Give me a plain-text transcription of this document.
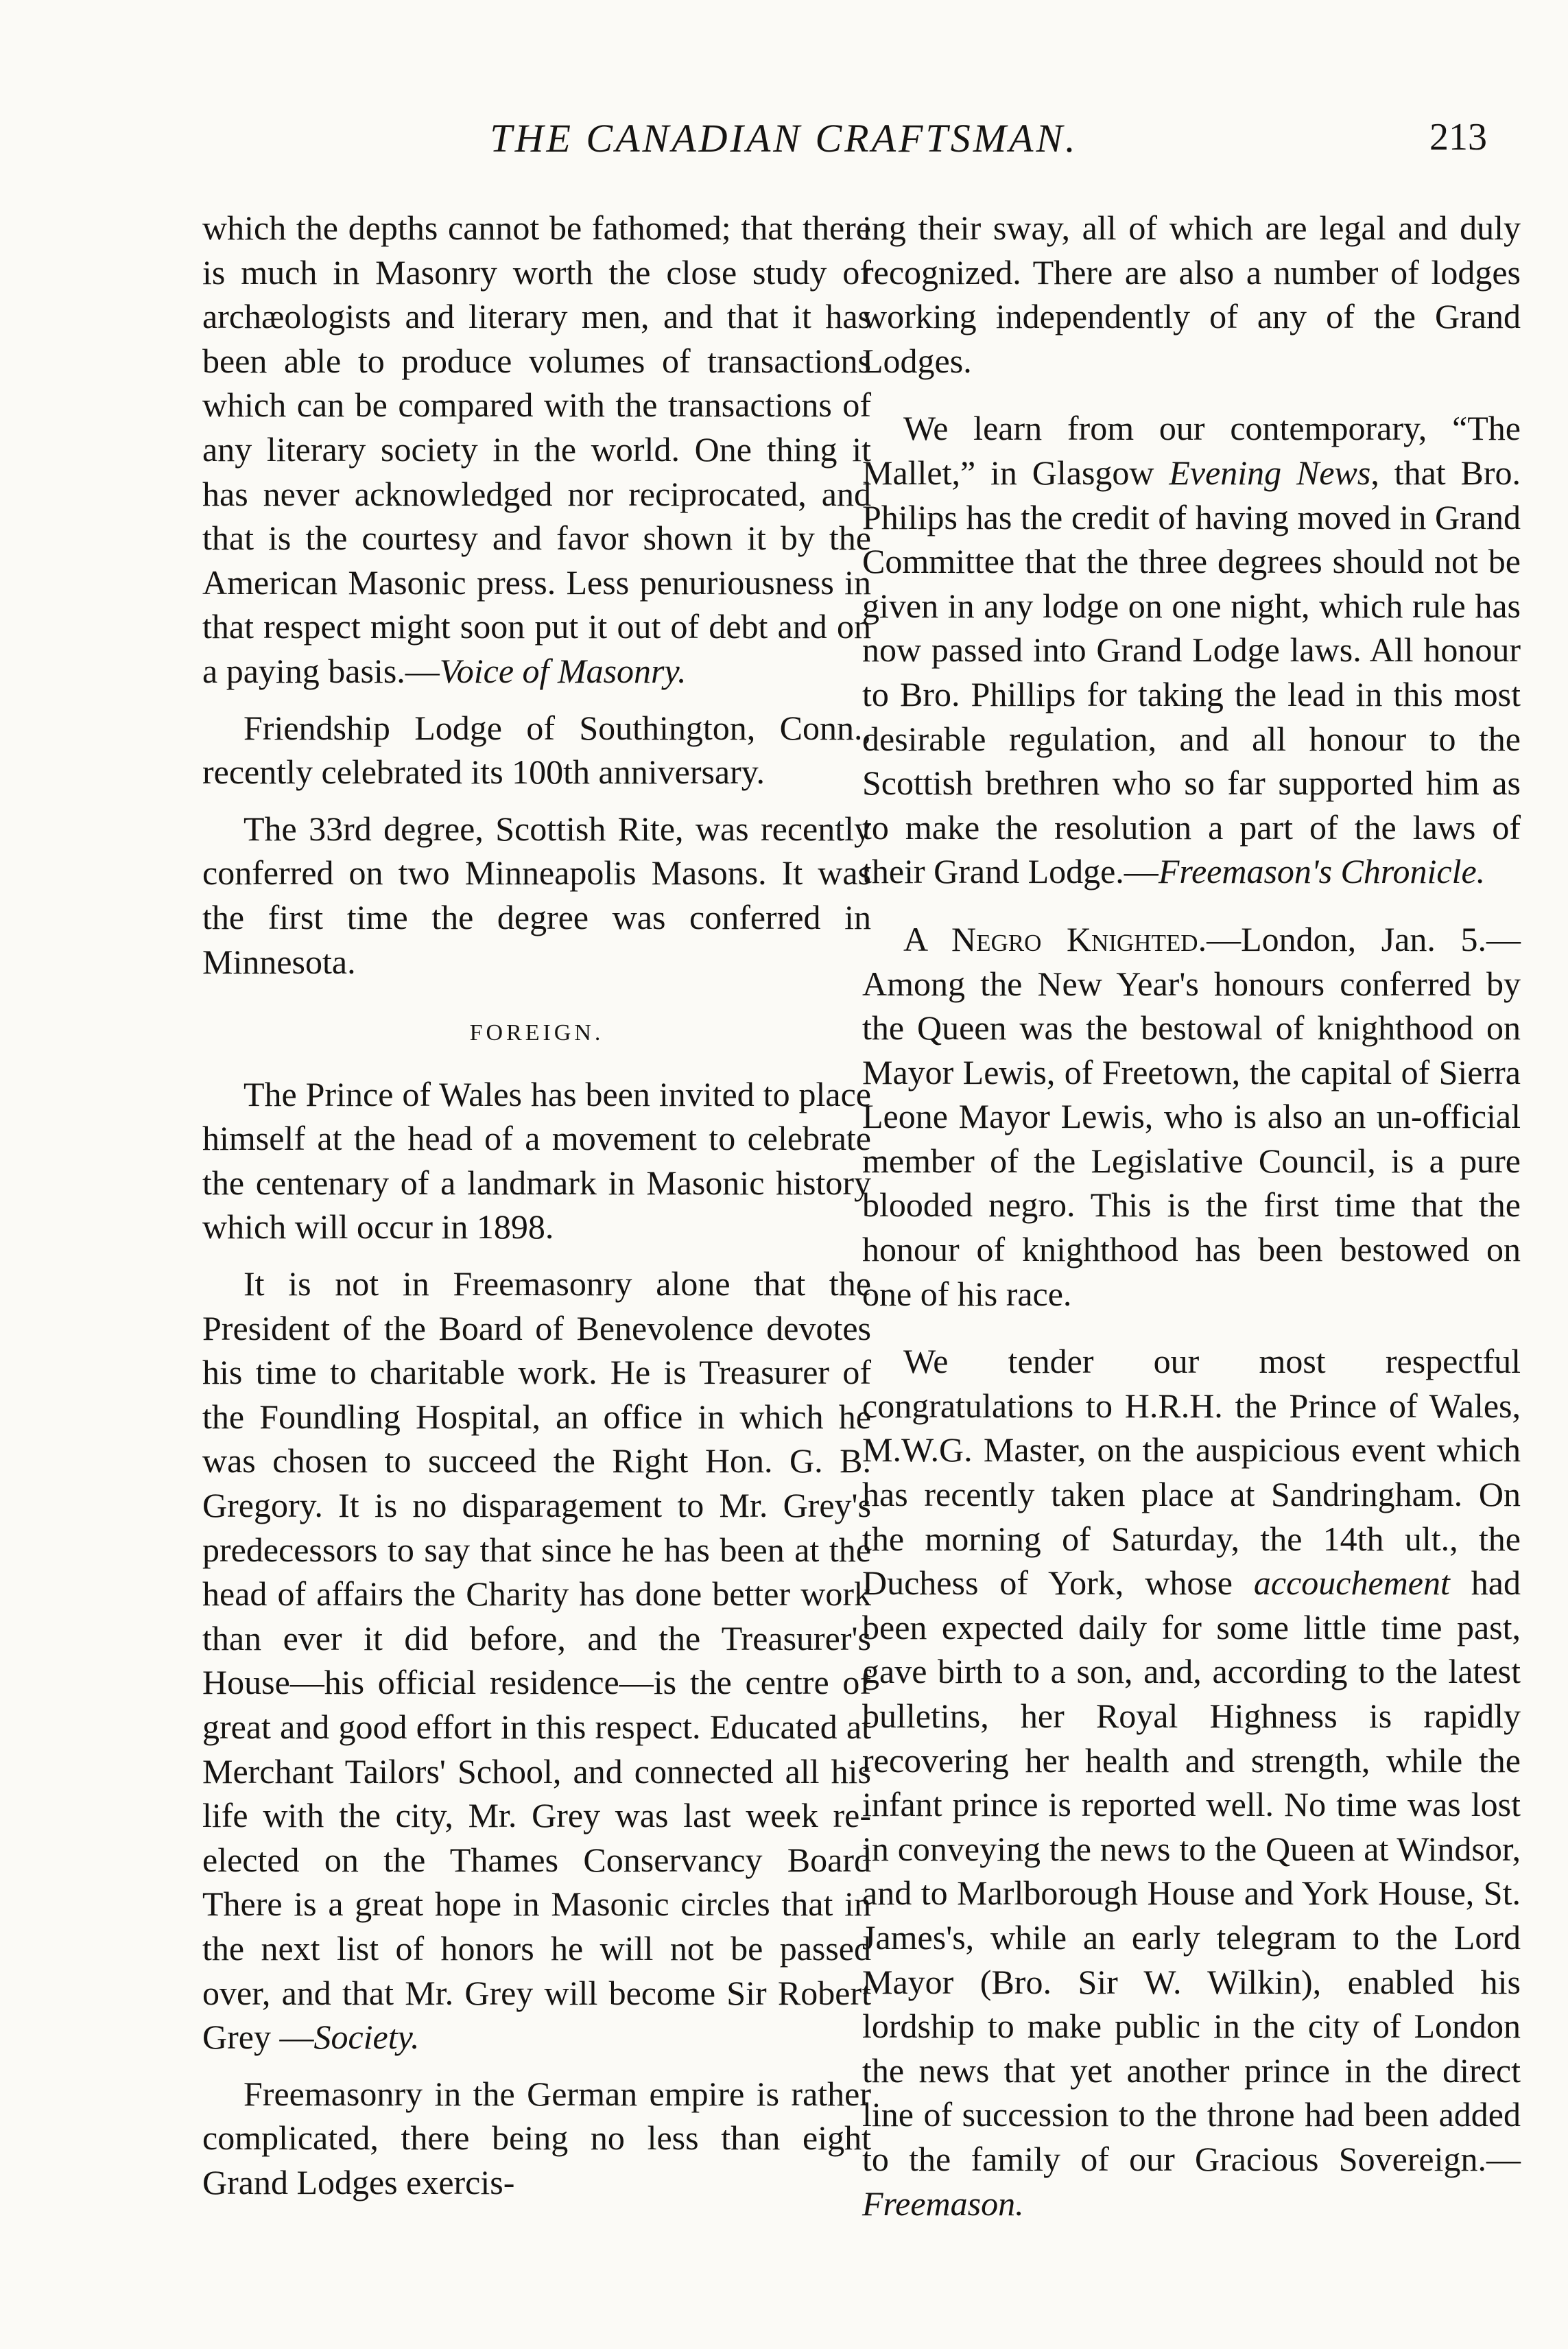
THE CANADIAN CRAFTSMAN.	213

which the depths cannot be fathomed; that there is much in Masonry worth the close study of archæologists and literary men, and that it has been able to produce volumes of transactions which can be compared with the transactions of any literary society in the world. One thing it has never acknowledged nor reciprocated, and that is the courtesy and favor shown it by the American Masonic press. Less penuriousness in that respect might soon put it out of debt and on a paying basis.—Voice of Masonry.

Friendship Lodge of Southington, Conn., recently celebrated its 100th anniversary.

The 33rd degree, Scottish Rite, was recently conferred on two Minneapolis Masons. It was the first time the degree was conferred in Minnesota.

FOREIGN.

The Prince of Wales has been invited to place himself at the head of a movement to celebrate the centenary of a landmark in Masonic history which will occur in 1898.

It is not in Freemasonry alone that the President of the Board of Benevolence devotes his time to charitable work. He is Treasurer of the Foundling Hospital, an office in which he was chosen to succeed the Right Hon. G. B. Gregory. It is no disparagement to Mr. Grey's predecessors to say that since he has been at the head of affairs the Charity has done better work than ever it did before, and the Treasurer's House—his official residence—is the centre of great and good effort in this respect. Educated at Merchant Tailors' School, and connected all his life with the city, Mr. Grey was last week re-elected on the Thames Conservancy Board There is a great hope in Masonic circles that in the next list of honors he will not be passed over, and that Mr. Grey will become Sir Robert Grey —Society.

Freemasonry in the German empire is rather complicated, there being no less than eight Grand Lodges exercis-

ing their sway, all of which are legal and duly recognized. There are also a number of lodges working independently of any of the Grand Lodges.

We learn from our contemporary, “The Mallet,” in Glasgow Evening News, that Bro. Philips has the credit of having moved in Grand Committee that the three degrees should not be given in any lodge on one night, which rule has now passed into Grand Lodge laws. All honour to Bro. Phillips for taking the lead in this most desirable regulation, and all honour to the Scottish brethren who so far supported him as to make the resolution a part of the laws of their Grand Lodge.—Freemason's Chronicle.

A Negro Knighted.—London, Jan. 5.—Among the New Year's honours conferred by the Queen was the bestowal of knighthood on Mayor Lewis, of Freetown, the capital of Sierra Leone Mayor Lewis, who is also an un-official member of the Legislative Council, is a pure blooded negro. This is the first time that the honour of knighthood has been bestowed on one of his race.

We tender our most respectful congratulations to H.R.H. the Prince of Wales, M.W.G. Master, on the auspicious event which has recently taken place at Sandringham. On the morning of Saturday, the 14th ult., the Duchess of York, whose accouchement had been expected daily for some little time past, gave birth to a son, and, according to the latest bulletins, her Royal Highness is rapidly recovering her health and strength, while the infant prince is reported well. No time was lost in conveying the news to the Queen at Windsor, and to Marlborough House and York House, St. James's, while an early telegram to the Lord Mayor (Bro. Sir W. Wilkin), enabled his lordship to make public in the city of London the news that yet another prince in the direct line of succession to the throne had been added to the family of our Gracious Sovereign.—Freemason.
